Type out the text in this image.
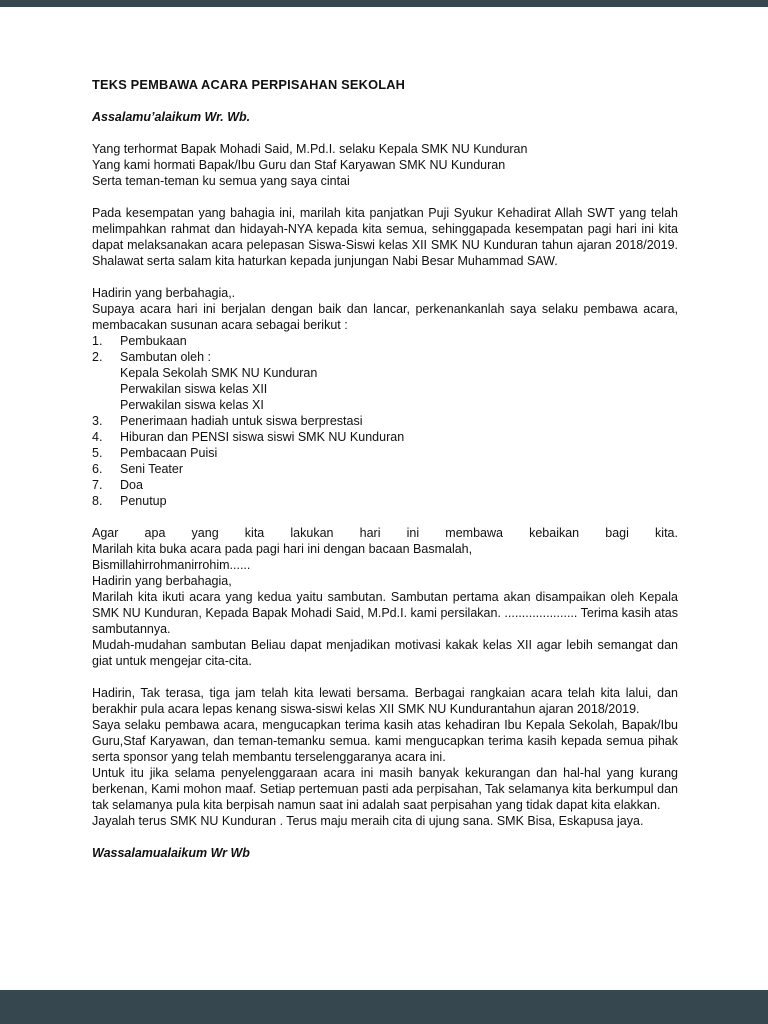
TEKS PEMBAWA ACARA PERPISAHAN SEKOLAH
Assalamu’alaikum Wr. Wb.

Yang terhormat Bapak Mohadi Said, M.Pd.I. selaku Kepala SMK NU Kunduran

Yang kami hormati Bapak/Ibu Guru dan Staf Karyawan SMK NU Kunduran

Serta teman-teman ku semua yang saya cintai

Pada kesempatan yang bahagia ini, marilah kita panjatkan Puji Syukur Kehadirat Allah SWT yang telah melimpahkan rahmat dan hidayah-NYA kepada kita semua, sehinggapada kesempatan pagi hari ini kita dapat melaksanakan acara pelepasan Siswa-Siswi kelas XII SMK NU Kunduran tahun ajaran 2018/2019. Shalawat serta salam kita haturkan kepada junjungan Nabi Besar Muhammad SAW.

Hadirin yang berbahagia,.

Supaya acara hari ini berjalan dengan baik dan lancar, perkenankanlah saya selaku pembawa acara, membacakan susunan acara sebagai berikut :

1.	Pembukaan
2.	Sambutan oleh :
Kepala Sekolah SMK NU Kunduran
Perwakilan siswa kelas XII
Perwakilan siswa kelas XI
3.	Penerimaan hadiah untuk siswa berprestasi
4.	Hiburan dan PENSI siswa siswi SMK NU Kunduran
5.	Pembacaan Puisi
6.	Seni Teater
7.	Doa
8.	Penutup

Agar apa yang kita lakukan hari ini membawa kebaikan bagi kita.

Marilah kita buka acara pada pagi hari ini dengan bacaan Basmalah,

Bismillahirrohmanirrohim......

Hadirin yang berbahagia,

Marilah kita ikuti acara yang kedua yaitu sambutan. Sambutan pertama akan disampaikan oleh Kepala SMK NU Kunduran, Kepada Bapak Mohadi Said, M.Pd.I. kami persilakan. ..................... Terima kasih atas sambutannya.

Mudah-mudahan sambutan Beliau dapat menjadikan motivasi kakak kelas XII agar lebih semangat dan giat untuk mengejar cita-cita.

Hadirin, Tak terasa, tiga jam telah kita lewati bersama. Berbagai rangkaian acara telah kita lalui, dan berakhir pula acara lepas kenang siswa-siswi kelas XII SMK NU Kundurantahun ajaran 2018/2019.

Saya selaku pembawa acara, mengucapkan terima kasih atas kehadiran Ibu Kepala Sekolah, Bapak/Ibu Guru,Staf Karyawan, dan teman-temanku semua. kami mengucapkan terima kasih kepada semua pihak serta sponsor yang telah membantu terselenggaranya acara ini.

Untuk itu jika selama penyelenggaraan acara ini masih banyak kekurangan dan hal-hal yang kurang berkenan, Kami mohon maaf. Setiap pertemuan pasti ada perpisahan, Tak selamanya kita berkumpul dan tak selamanya pula kita berpisah namun saat ini adalah saat perpisahan yang tidak dapat kita elakkan.

Jayalah terus SMK NU Kunduran . Terus maju meraih cita di ujung sana. SMK Bisa, Eskapusa jaya.

Wassalamualaikum Wr Wb
